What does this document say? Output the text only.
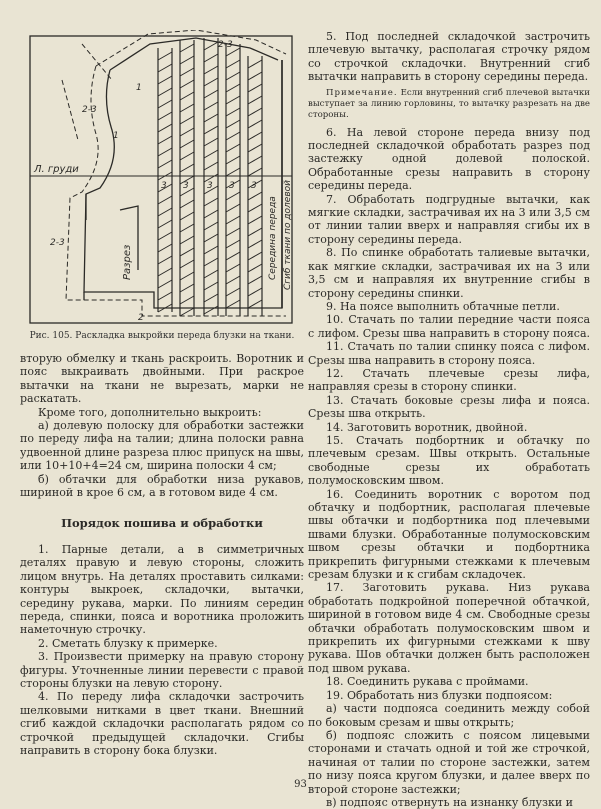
2-3
2-3
1
1
Л. груди
2-3
Разрез
3 3 3 3 3
2
Середина переда Сгиб ткани по долевой

Рис. 105. Раскладка выкройки переда блузки на ткани.

вторую обмелку и ткань раскроить. Воротник и пояс выкраивать двойными. При раскрое вытачки на ткани не вырезать, марки не раскатать.

Кроме того, дополнительно выкроить:

а) долевую полоску для обработки застежки по переду лифа на талии; длина полоски равна удвоенной длине разреза плюс припуск на швы, или 10+10+4=24 см, ширина полоски 4 см;

б) обтачки для обработки низа рукавов, шириной в крое 6 см, а в готовом виде 4 см.

Порядок пошива и обработки

1. Парные детали, а в симметричных деталях правую и левую стороны, сложить лицом внутрь. На деталях проставить силками: контуры выкроек, складочки, вытачки, середину рукава, марки. По линиям середин переда, спинки, пояса и воротника проложить наметочную строчку.

2. Сметать блузку к примерке.

3. Произвести примерку на правую сторону фигуры. Уточненные линии перевести с правой стороны блузки на левую сторону.

4. По переду лифа складочки застрочить шелковыми нитками в цвет ткани. Внешний сгиб каждой складочки располагать рядом со строчкой предыдущей складочки. Сгибы направить в сторону бока блузки.

5. Под последней складочкой застрочить плечевую вытачку, располагая строчку рядом со строчкой складочки. Внутренний сгиб вытачки направить в сторону середины переда.

Примечание. Если внутренний сгиб плечевой вытачки выступает за линию горловины, то вытачку разрезать на две стороны.

6. На левой стороне переда внизу под последней складочкой обработать разрез под застежку одной долевой полоской. Обработанные срезы направить в сторону середины переда.

7. Обработать подгрудные вытачки, как мягкие складки, застрачивая их на 3 или 3,5 см от линии талии вверх и направляя сгибы их в сторону середины переда.

8. По спинке обработать талиевые вытачки, как мягкие складки, застрачивая их на 3 или 3,5 см и направляя их внутренние сгибы в сторону середины спинки.

9. На поясе выполнить обтачные петли.

10. Стачать по талии передние части пояса с лифом. Срезы шва направить в сторону пояса.

11. Стачать по талии спинку пояса с лифом. Срезы шва направить в сторону пояса.

12. Стачать плечевые срезы лифа, направляя срезы в сторону спинки.

13. Стачать боковые срезы лифа и пояса. Срезы шва открыть.

14. Заготовить воротник, двойной.

15. Стачать подбортник и обтачку по плечевым срезам. Швы открыть. Остальные свободные срезы их обработать полумосковским швом.

16. Соединить воротник с воротом под обтачку и подбортник, располагая плечевые швы обтачки и подбортника под плечевыми швами блузки. Обработанные полумосковским швом срезы обтачки и подбортника прикрепить фигурными стежками к плечевым срезам блузки и к сгибам складочек.

17. Заготовить рукава. Низ рукава обработать подкройной поперечной обтачкой, шириной в готовом виде 4 см. Свободные срезы обтачки обработать полумосковским швом и прикрепить их фигурными стежками к шву рукава. Шов обтачки должен быть расположен под швом рукава.

18. Соединить рукава с проймами.

19. Обработать низ блузки подпоясом:

а) части подпояса соединить между собой по боковым срезам и швы открыть;

б) подпояс сложить с поясом лицевыми сторонами и стачать одной и той же строчкой, начиная от талии по стороне застежки, затем по низу пояса кругом блузки, и далее вверх по второй стороне застежки;

в) подпояс отвернуть на изнанку блузки и

93
